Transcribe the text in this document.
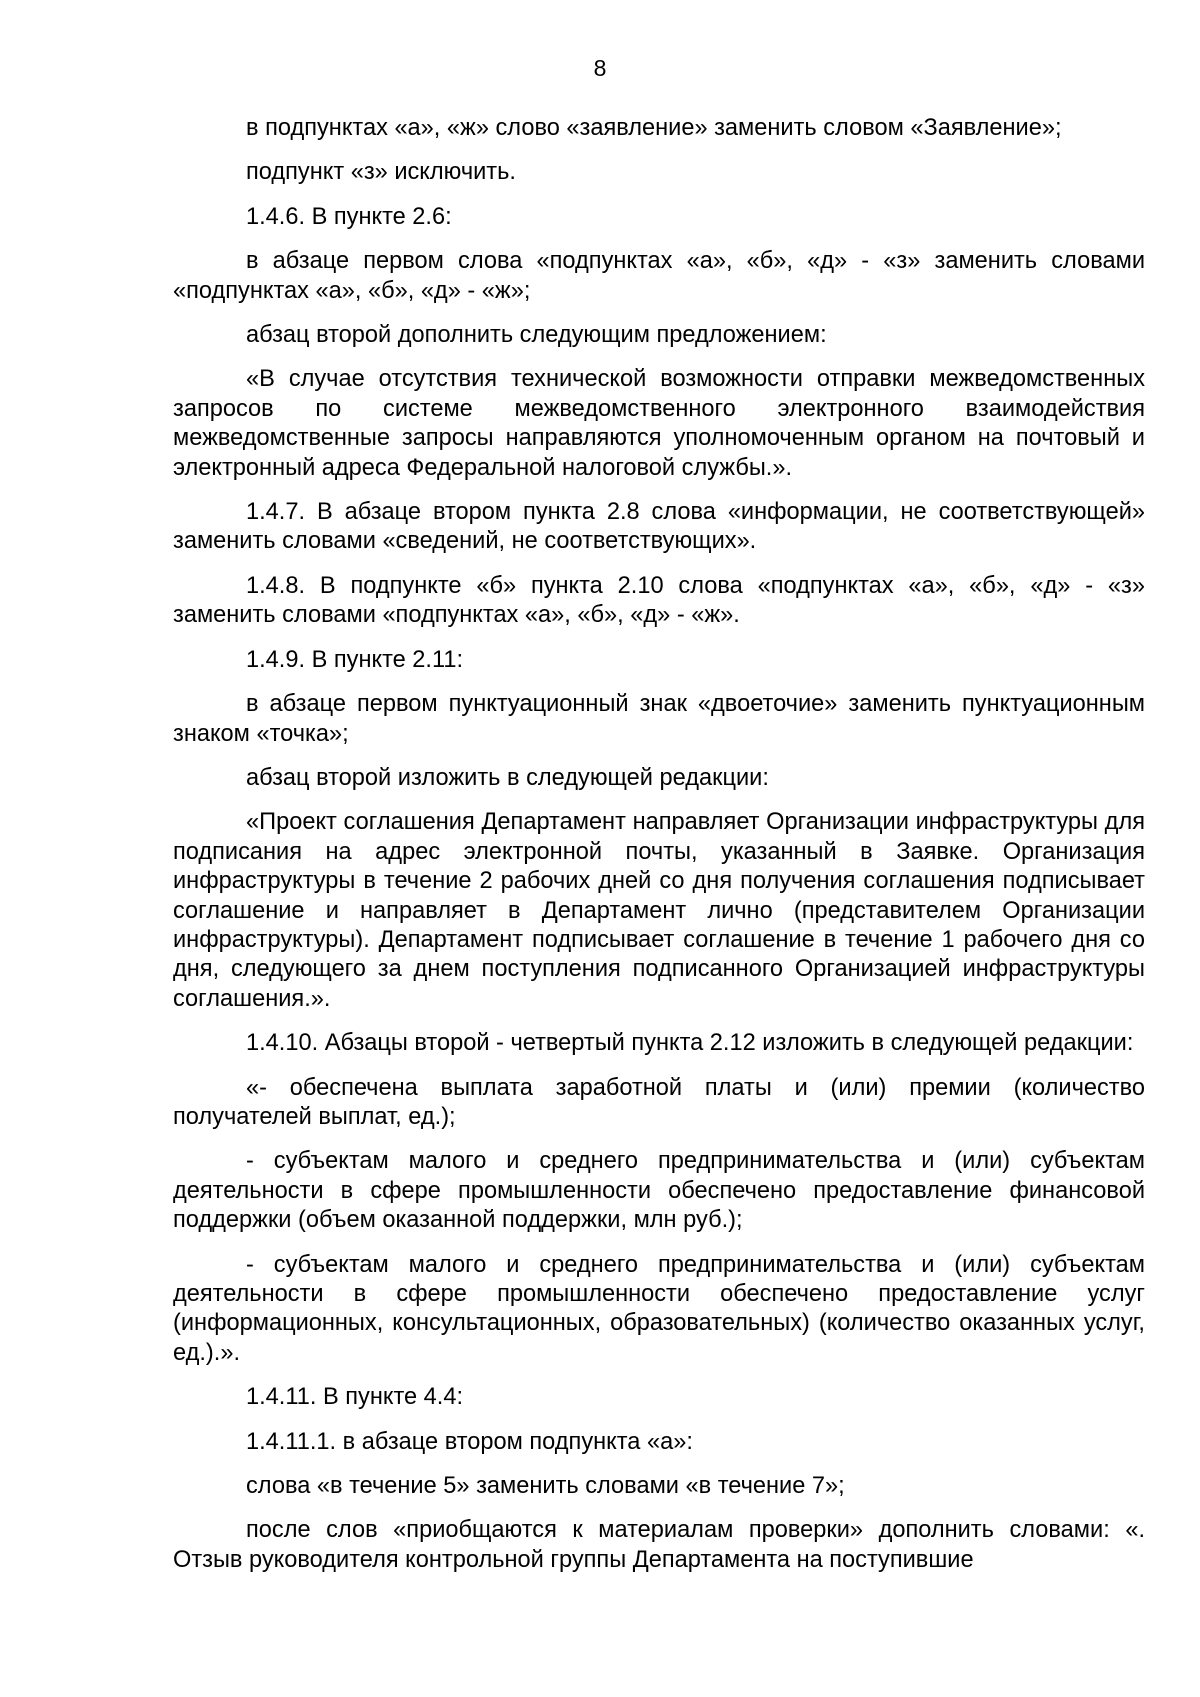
8

в подпунктах «а», «ж» слово «заявление» заменить словом «Заявление»;

подпункт «з» исключить.

1.4.6. В пункте 2.6:

в абзаце первом слова «подпунктах «а», «б», «д» - «з» заменить словами «подпунктах «а», «б», «д» - «ж»;

абзац второй дополнить следующим предложением:

«В случае отсутствия технической возможности отправки межведомственных запросов по системе межведомственного электронного взаимодействия межведомственные запросы направляются уполномоченным органом на почтовый и электронный адреса Федеральной налоговой службы.».

1.4.7. В абзаце втором пункта 2.8 слова «информации, не соответствующей» заменить словами «сведений, не соответствующих».

1.4.8. В подпункте «б» пункта 2.10 слова «подпунктах «а», «б», «д» - «з» заменить словами «подпунктах «а», «б», «д» - «ж».

1.4.9. В пункте 2.11:

в абзаце первом пунктуационный знак «двоеточие» заменить пунктуационным знаком «точка»;

абзац второй изложить в следующей редакции:

«Проект соглашения Департамент направляет Организации инфраструктуры для подписания на адрес электронной почты, указанный в Заявке. Организация инфраструктуры в течение 2 рабочих дней со дня получения соглашения подписывает соглашение и направляет в Департамент лично (представителем Организации инфраструктуры). Департамент подписывает соглашение в течение 1 рабочего дня со дня, следующего за днем поступления подписанного Организацией инфраструктуры соглашения.».

1.4.10. Абзацы второй - четвертый пункта 2.12 изложить в следующей редакции:

«- обеспечена выплата заработной платы и (или) премии (количество получателей выплат, ед.);

- субъектам малого и среднего предпринимательства и (или) субъектам деятельности в сфере промышленности обеспечено предоставление финансовой поддержки (объем оказанной поддержки, млн руб.);

- субъектам малого и среднего предпринимательства и (или) субъектам деятельности в сфере промышленности обеспечено предоставление услуг (информационных, консультационных, образовательных) (количество оказанных услуг, ед.).».

1.4.11. В пункте 4.4:

1.4.11.1. в абзаце втором подпункта «а»:

слова «в течение 5» заменить словами «в течение 7»;

после слов «приобщаются к материалам проверки» дополнить словами: «. Отзыв руководителя контрольной группы Департамента на поступившие
